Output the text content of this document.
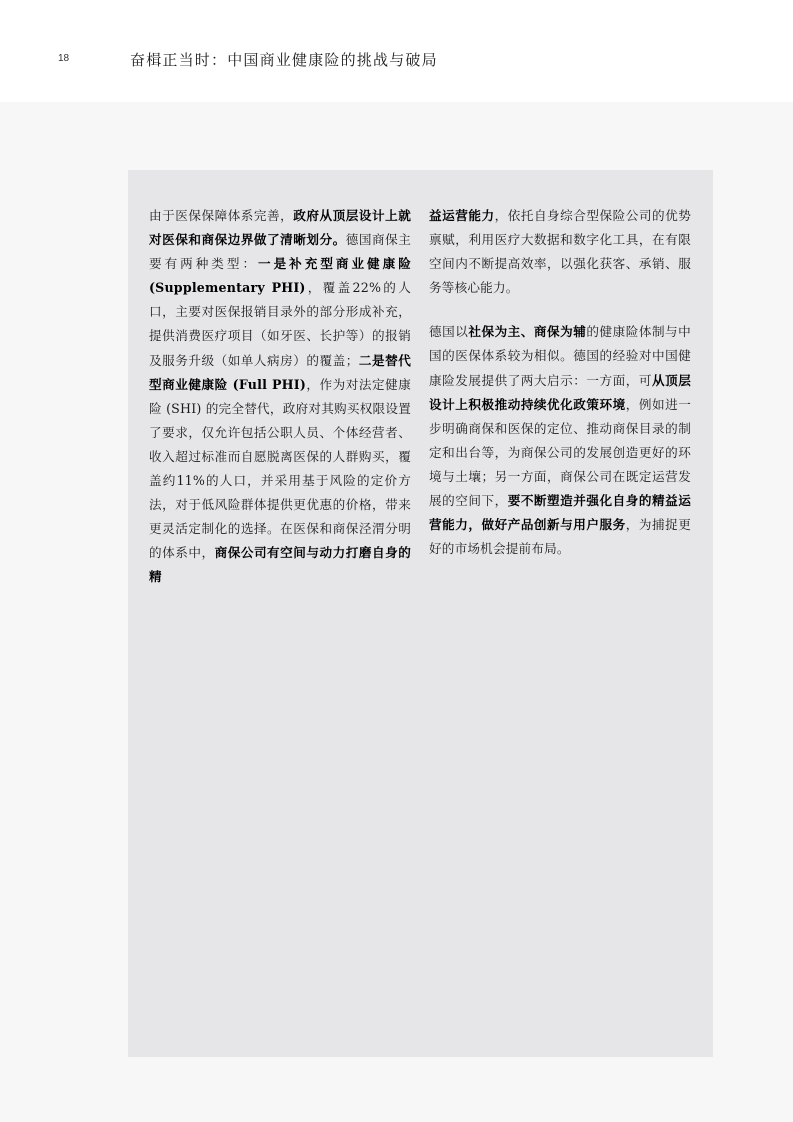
18	奋楫正当时：中国商业健康险的挑战与破局

由于医保保障体系完善，政府从顶层设计上就对医保和商保边界做了清晰划分。德国商保主要有两种类型：一是补充型商业健康险 (Supplementary PHI)，覆盖22%的人口，主要对医保报销目录外的部分形成补充，提供消费医疗项目（如牙医、长护等）的报销及服务升级（如单人病房）的覆盖；二是替代型商业健康险 (Full PHI)，作为对法定健康险 (SHI) 的完全替代，政府对其购买权限设置了要求，仅允许包括公职人员、个体经营者、收入超过标准而自愿脱离医保的人群购买，覆盖约11%的人口，并采用基于风险的定价方法，对于低风险群体提供更优惠的价格，带来更灵活定制化的选择。在医保和商保泾渭分明的体系中，商保公司有空间与动力打磨自身的精

益运营能力，依托自身综合型保险公司的优势禀赋，利用医疗大数据和数字化工具，在有限空间内不断提高效率，以强化获客、承销、服务等核心能力。

德国以社保为主、商保为辅的健康险体制与中国的医保体系较为相似。德国的经验对中国健康险发展提供了两大启示：一方面，可从顶层设计上积极推动持续优化政策环境，例如进一步明确商保和医保的定位、推动商保目录的制定和出台等，为商保公司的发展创造更好的环境与土壤；另一方面，商保公司在既定运营发展的空间下，要不断塑造并强化自身的精益运营能力，做好产品创新与用户服务，为捕捉更好的市场机会提前布局。
